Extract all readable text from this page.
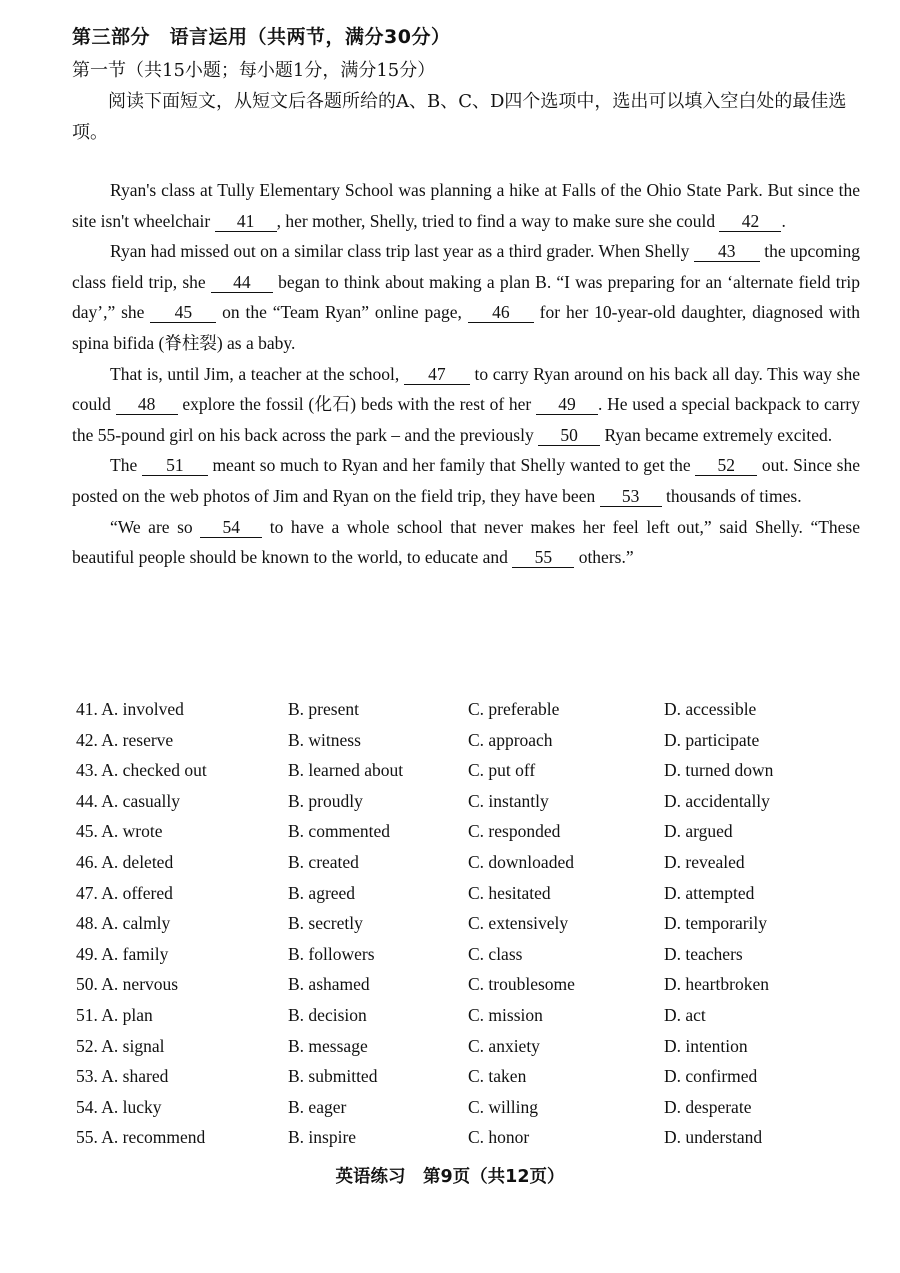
第三部分　语言运用（共两节，满分30分）
第一节（共15小题；每小题1分，满分15分）
阅读下面短文，从短文后各题所给的A、B、C、D四个选项中，选出可以填入空白处的最佳选项。

Ryan's class at Tully Elementary School was planning a hike at Falls of the Ohio State Park. But since the site isn't wheelchair 41 , her mother, Shelly, tried to find a way to make sure she could 42 .

Ryan had missed out on a similar class trip last year as a third grader. When Shelly 43 the upcoming class field trip, she 44 began to think about making a plan B. “I was preparing for an ‘alternate field trip day’,” she 45 on the “Team Ryan” online page, 46 for her 10-year-old daughter, diagnosed with spina bifida (脊柱裂) as a baby.

That is, until Jim, a teacher at the school, 47 to carry Ryan around on his back all day. This way she could 48 explore the fossil (化石) beds with the rest of her 49 . He used a special backpack to carry the 55-pound girl on his back across the park – and the previously 50 Ryan became extremely excited.

The 51 meant so much to Ryan and her family that Shelly wanted to get the 52 out. Since she posted on the web photos of Jim and Ryan on the field trip, they have been 53 thousands of times.

“We are so 54 to have a whole school that never makes her feel left out,” said Shelly. “These beautiful people should be known to the world, to educate and 55 others.”

41. A. involved	B. present	C. preferable	D. accessible
42. A. reserve	B. witness	C. approach	D. participate
43. A. checked out	B. learned about	C. put off	D. turned down
44. A. casually	B. proudly	C. instantly	D. accidentally
45. A. wrote	B. commented	C. responded	D. argued
46. A. deleted	B. created	C. downloaded	D. revealed
47. A. offered	B. agreed	C. hesitated	D. attempted
48. A. calmly	B. secretly	C. extensively	D. temporarily
49. A. family	B. followers	C. class	D. teachers
50. A. nervous	B. ashamed	C. troublesome	D. heartbroken
51. A. plan	B. decision	C. mission	D. act
52. A. signal	B. message	C. anxiety	D. intention
53. A. shared	B. submitted	C. taken	D. confirmed
54. A. lucky	B. eager	C. willing	D. desperate
55. A. recommend	B. inspire	C. honor	D. understand
英语练习　第9页（共12页）
